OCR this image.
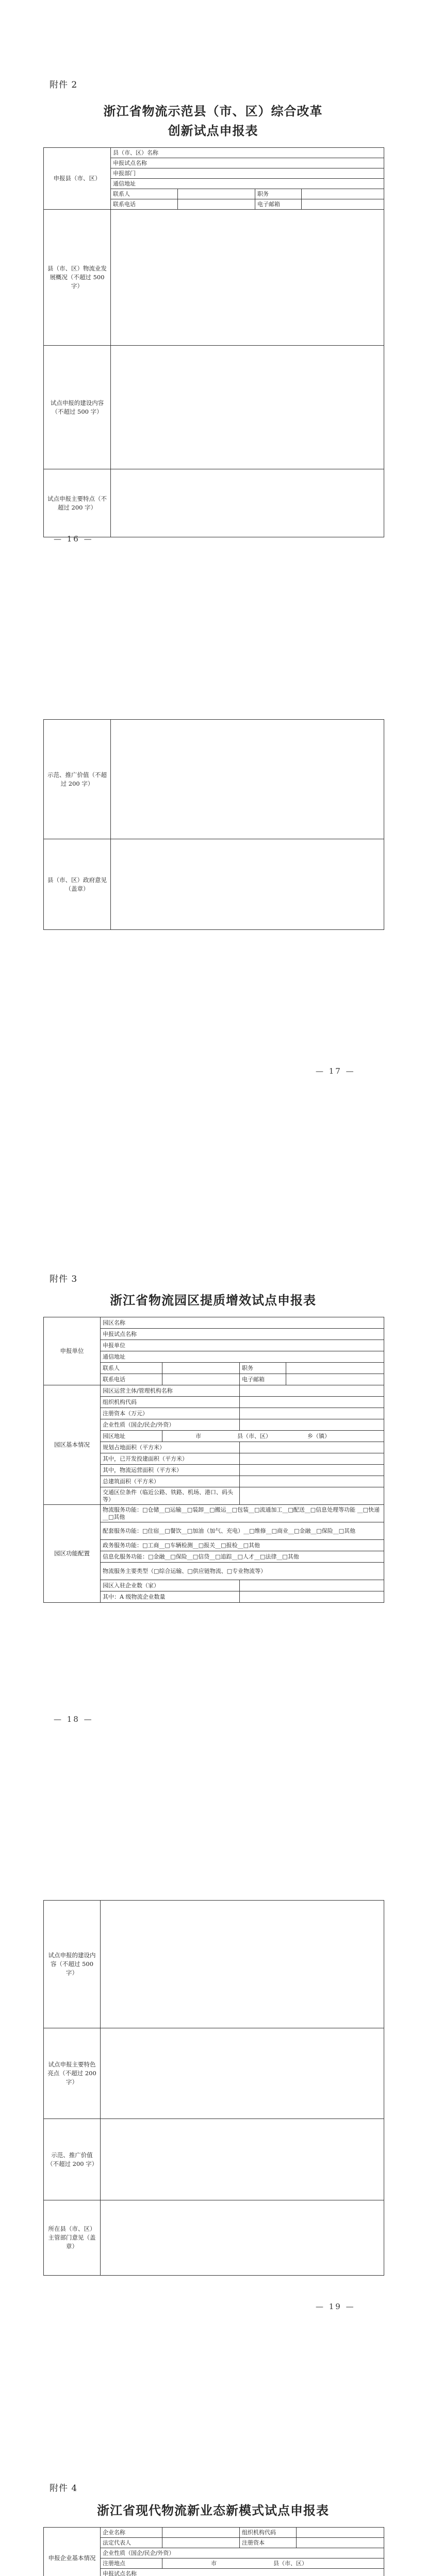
附件 2
浙江省物流示范县（市、区）综合改革
创新试点申报表
申报县（市、区）	县（市、区）名称			
	申报试点名称			
	申报部门			
	通信地址			
	联系人		职务	
	联系电话		电子邮箱	
县（市、区）物流业发展概况（不超过 500 字）				
试点申报的建设内容（不超过 500 字）				
试点申报主要特点（不超过 200 字）				
— 16 —
示范、推广价值（不超过 200 字）	
县（市、区）政府意见（盖章）	
— 17 —
附件 3
浙江省物流园区提质增效试点申报表
申报单位	园区名称			
	申报试点名称			
	申报单位			
	通信地址			
	联系人		职务	
	联系电话		电子邮箱	
园区基本情况	园区运营主体/管理机构名称			
	组织机构代码			
	注册资本（万元）			
	企业性质（国企/民企/外资）			
	园区地址	市 县（市、区） 乡（镇）		
	规划占地面积（平方米）			
	其中，已开发投建面积（平方米）			
	其中，物流运营面积（平方米）			
	总建筑面积（平方米）			
	交通区位条件（临近公路、铁路、机场、港口、码头等）			
园区功能配置	物流服务功能：□仓储__□运输__□装卸__□搬运__□包装__□流通加工__□配送__□信息处理等功能 __□快递__□其他			
	配套服务功能：□住宿__□餐饮__□加油（加气、充电）__□维修__□商业__□金融__□保险__□其他			
	政务服务功能：□工商__□车辆检测__□报关__□报检__□其他			
	信息化服务功能：□金融__□保险__□信贷__□追踪__□人才__□法律__□其他			
	物流服务主要类型（□综合运输、□供应链物流、□专业物流等）			
	园区入驻企业数（家）			
	其中：A 级物流企业数量			
— 18 —
试点申报的建设内容（不超过 500 字）	
试点申报主要特色亮点（不超过 200 字）	
示范、推广价值（不超过 200 字）	
所在县（市、区）主管部门意见（盖章）	
— 19 —
附件 4
浙江省现代物流新业态新模式试点申报表
申报企业基本情况	企业名称		组织机构代码	
	法定代表人		注册资本	
	企业性质（国企/民企/外资）			
	注册地点	市 县（市、区）		
	申报试点名称			
